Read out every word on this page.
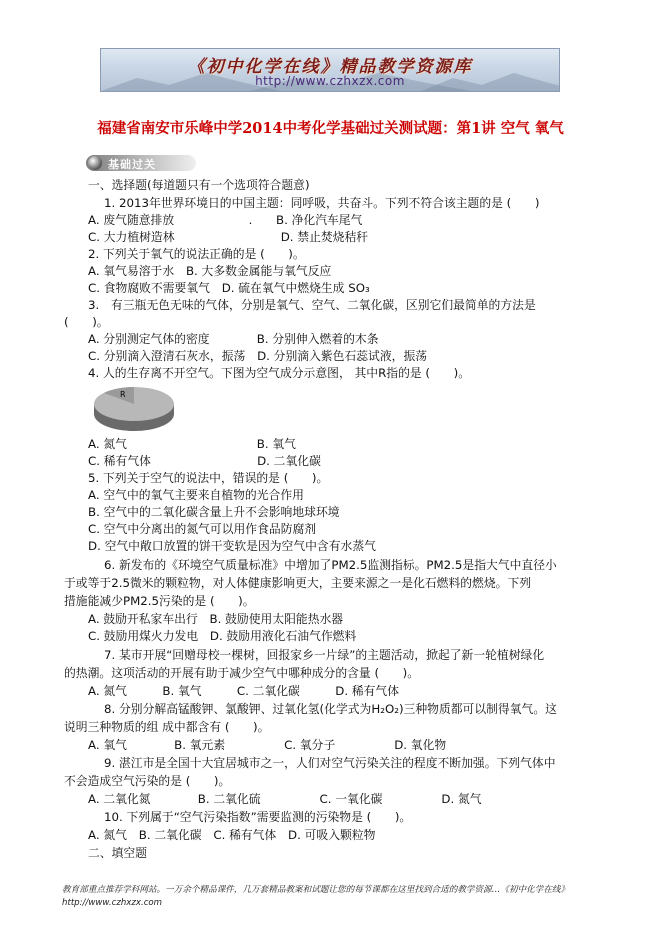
《初中化学在线》精品教学资源库
http://www.czhxzx.com
福建省南安市乐峰中学2014中考化学基础过关测试题：第1讲 空气 氧气
基础过关
一、选择题(每道题只有一个选项符合题意)
1. 2013年世界环境日的中国主题：同呼吸，共奋斗。下列不符合该主题的是 (　　)
A. 废气随意排放　　　　　　 .　　B. 净化汽车尾气
C. 大力植树造林　　　　　　　　　D. 禁止焚烧秸秆
2. 下列关于氧气的说法正确的是 (　　)。
A. 氧气易溶于水　B. 大多数金属能与氧气反应
C. 食物腐败不需要氧气　D. 硫在氧气中燃烧生成 SO₃
3.　有三瓶无色无味的气体，分别是氧气、空气、二氧化碳，区别它们最简单的方法是
(　　)。
A. 分别测定气体的密度　　　　B. 分别伸入燃着的木条
C. 分别滴入澄清石灰水，振荡　D. 分别滴入紫色石蕊试液，振荡
4. 人的生存离不开空气。下图为空气成分示意图， 其中R指的是 (　　)。
R
A. 氮气　　　　　　　　　　　B. 氧气
C. 稀有气体　　　　　　　　　D. 二氧化碳
5. 下列关于空气的说法中，错误的是 (　　)。
A. 空气中的氧气主要来自植物的光合作用
B. 空气中的二氧化碳含量上升不会影响地球环境
C. 空气中分离出的氮气可以用作食品防腐剂
D. 空气中敞口放置的饼干变软是因为空气中含有水蒸气
6. 新发布的《环境空气质量标准》中增加了PM2.5监测指标。PM2.5是指大气中直径小
于或等于2.5微米的颗粒物，对人体健康影响更大，主要来源之一是化石燃料的燃烧。下列
措施能减少PM2.5污染的是 (　　)。
A. 鼓励开私家车出行　B. 鼓励使用太阳能热水器
C. 鼓励用煤火力发电　D. 鼓励用液化石油气作燃料
7. 某市开展“回赠母校一棵树，回报家乡一片绿”的主题活动，掀起了新一轮植树绿化
的热潮。这项活动的开展有助于减少空气中哪种成分的含量 (　　)。
A. 氮气　　　B. 氧气　　　C. 二氧化碳　　　D. 稀有气体
8. 分别分解高锰酸钾、氯酸钾、过氧化氢(化学式为H₂O₂)三种物质都可以制得氧气。这
说明三种物质的组 成中都含有 (　　)。
A. 氧气　　　　B. 氧元素　　　　　C. 氧分子　　　　　D. 氧化物
9. 湛江市是全国十大宜居城市之一，人们对空气污染关注的程度不断加强。下列气体中
不会造成空气污染的是 (　　)。
A. 二氧化氮　　　　B. 二氧化硫　　　　　C. 一氧化碳　　　　　D. 氮气
10. 下列属于“空气污染指数”需要监测的污染物是 (　　)。
A. 氮气　B. 二氧化碳　C. 稀有气体　D. 可吸入颗粒物
二、填空题
教育部重点推荐学科网站。一万余个精品课件，几万套精品教案和试题让您的每节课都在这里找到合适的教学资源…《初中化学在线》http://www.czhxzx.com
